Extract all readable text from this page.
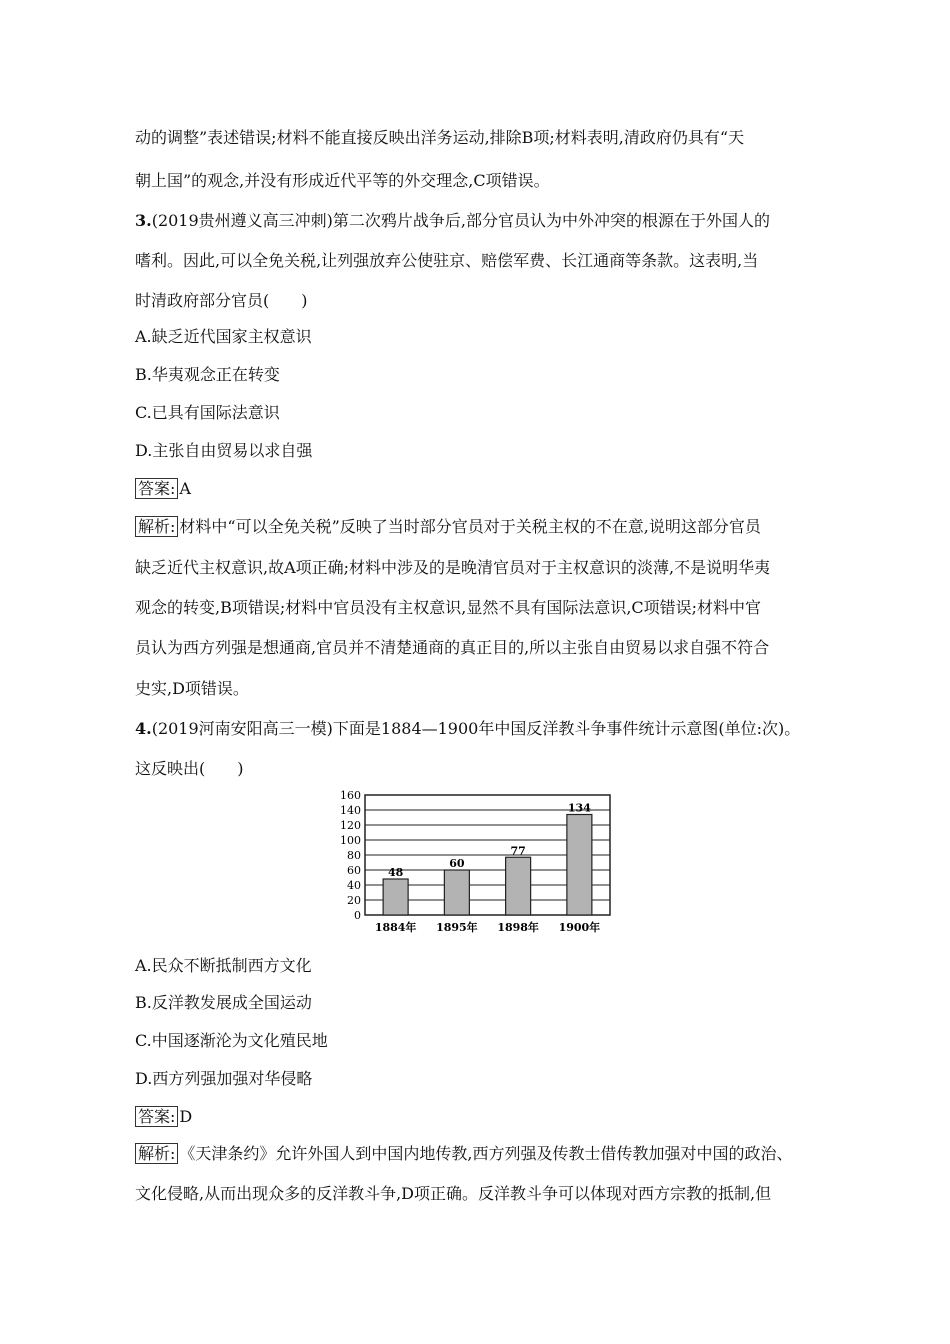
动的调整”表述错误;材料不能直接反映出洋务运动,排除B项;材料表明,清政府仍具有“天
朝上国”的观念,并没有形成近代平等的外交理念,C项错误。
3.(2019贵州遵义高三冲刺)第二次鸦片战争后,部分官员认为中外冲突的根源在于外国人的
嗜利。因此,可以全免关税,让列强放弃公使驻京、赔偿军费、长江通商等条款。这表明,当
时清政府部分官员(　　)
A.缺乏近代国家主权意识
B.华夷观念正在转变
C.已具有国际法意识
D.主张自由贸易以求自强
答案: A
解析: 材料中“可以全免关税”反映了当时部分官员对于关税主权的不在意,说明这部分官员
缺乏近代主权意识,故A项正确;材料中涉及的是晚清官员对于主权意识的淡薄,不是说明华夷
观念的转变,B项错误;材料中官员没有主权意识,显然不具有国际法意识,C项错误;材料中官
员认为西方列强是想通商,官员并不清楚通商的真正目的,所以主张自由贸易以求自强不符合
史实,D项错误。
4.(2019河南安阳高三一模)下面是1884—1900年中国反洋教斗争事件统计示意图(单位:次)。
这反映出(　　)
0
20
40
60
80
100
120
140
160
48
1884年
60
1895年
77
1898年
134
1900年
A.民众不断抵制西方文化
B.反洋教发展成全国运动
C.中国逐渐沦为文化殖民地
D.西方列强加强对华侵略
答案: D
解析: 《天津条约》允许外国人到中国内地传教,西方列强及传教士借传教加强对中国的政治、
文化侵略,从而出现众多的反洋教斗争,D项正确。反洋教斗争可以体现对西方宗教的抵制,但
